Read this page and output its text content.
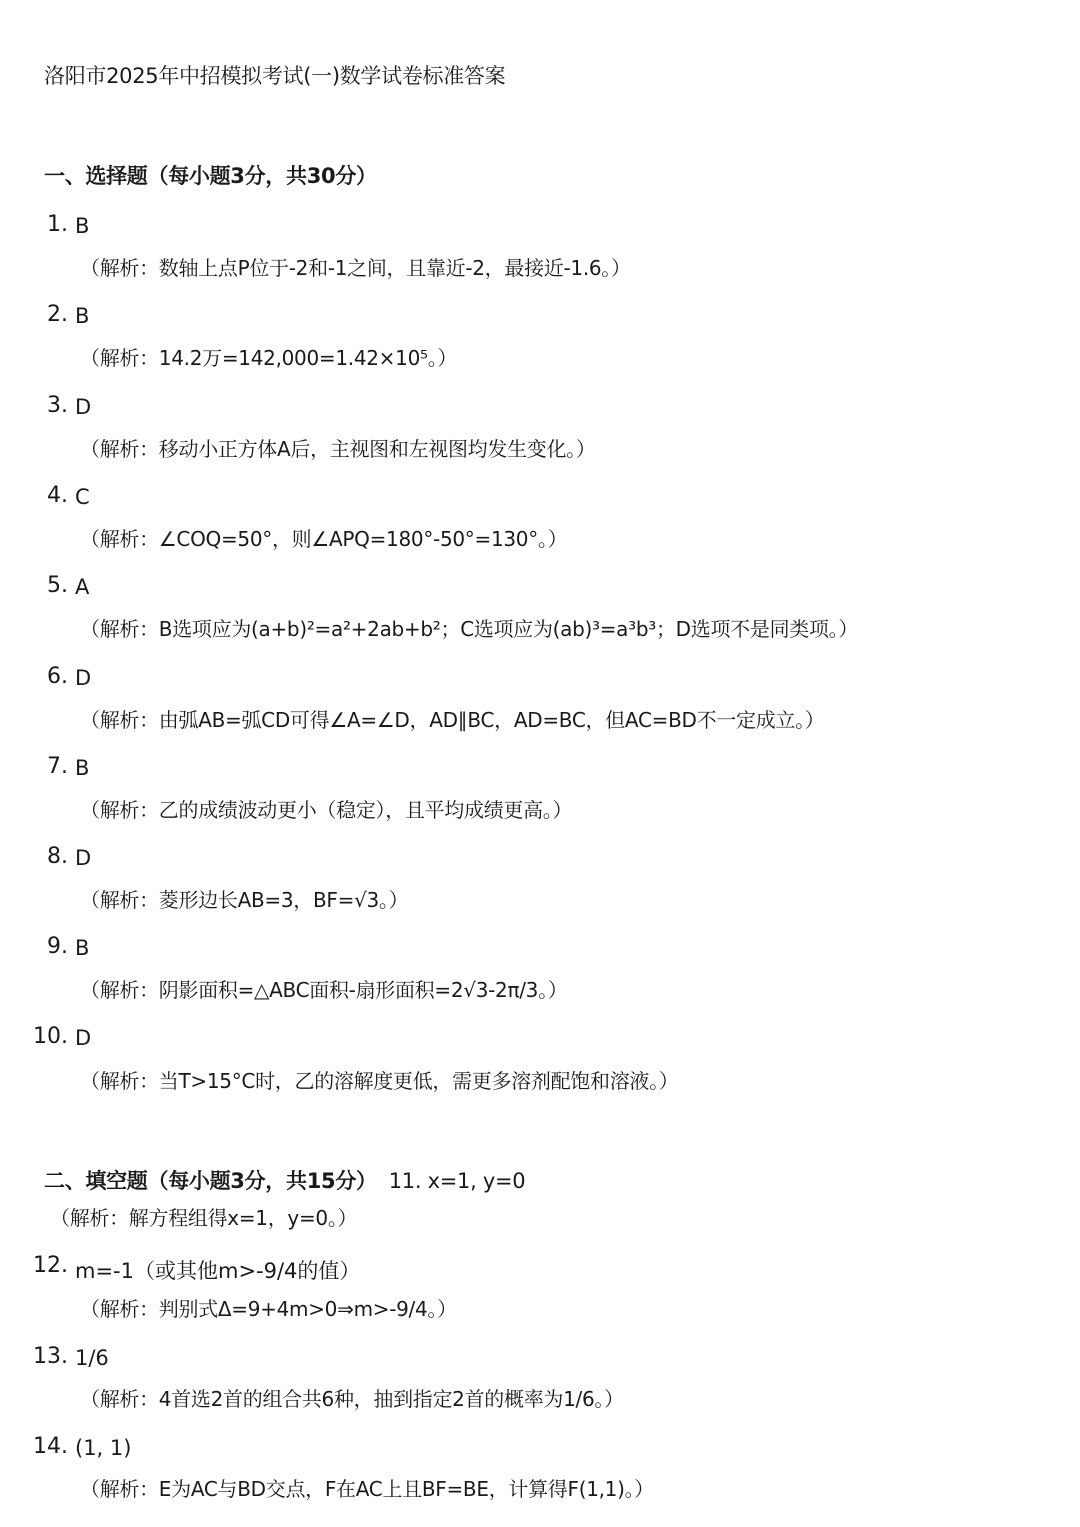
洛阳市2025年中招模拟考试(一)数学试卷标准答案
一、选择题（每小题3分，共30分）
1. B
（解析：数轴上点P位于-2和-1之间，且靠近-2，最接近-1.6。）
2. B
（解析：14.2万=142,000=1.42×10⁵。）
3. D
（解析：移动小正方体A后，主视图和左视图均发生变化。）
4. C
（解析：∠COQ=50°，则∠APQ=180°-50°=130°。）
5. A
（解析：B选项应为(a+b)²=a²+2ab+b²；C选项应为(ab)³=a³b³；D选项不是同类项。）
6. D
（解析：由弧AB=弧CD可得∠A=∠D，AD∥BC，AD=BC，但AC=BD不一定成立。）
7. B
（解析：乙的成绩波动更小（稳定），且平均成绩更高。）
8. D
（解析：菱形边长AB=3，BF=√3。）
9. B
（解析：阴影面积=△ABC面积-扇形面积=2√3-2π/3。）
10. D
（解析：当T>15°C时，乙的溶解度更低，需更多溶剂配饱和溶液。）
二、填空题（每小题3分，共15分） 11. x=1, y=0
（解析：解方程组得x=1，y=0。）
12. m=-1（或其他m>-9/4的值）
（解析：判别式Δ=9+4m>0⇒m>-9/4。）
13. 1/6
（解析：4首选2首的组合共6种，抽到指定2首的概率为1/6。）
14. (1, 1)
（解析：E为AC与BD交点，F在AC上且BF=BE，计算得F(1,1)。）
